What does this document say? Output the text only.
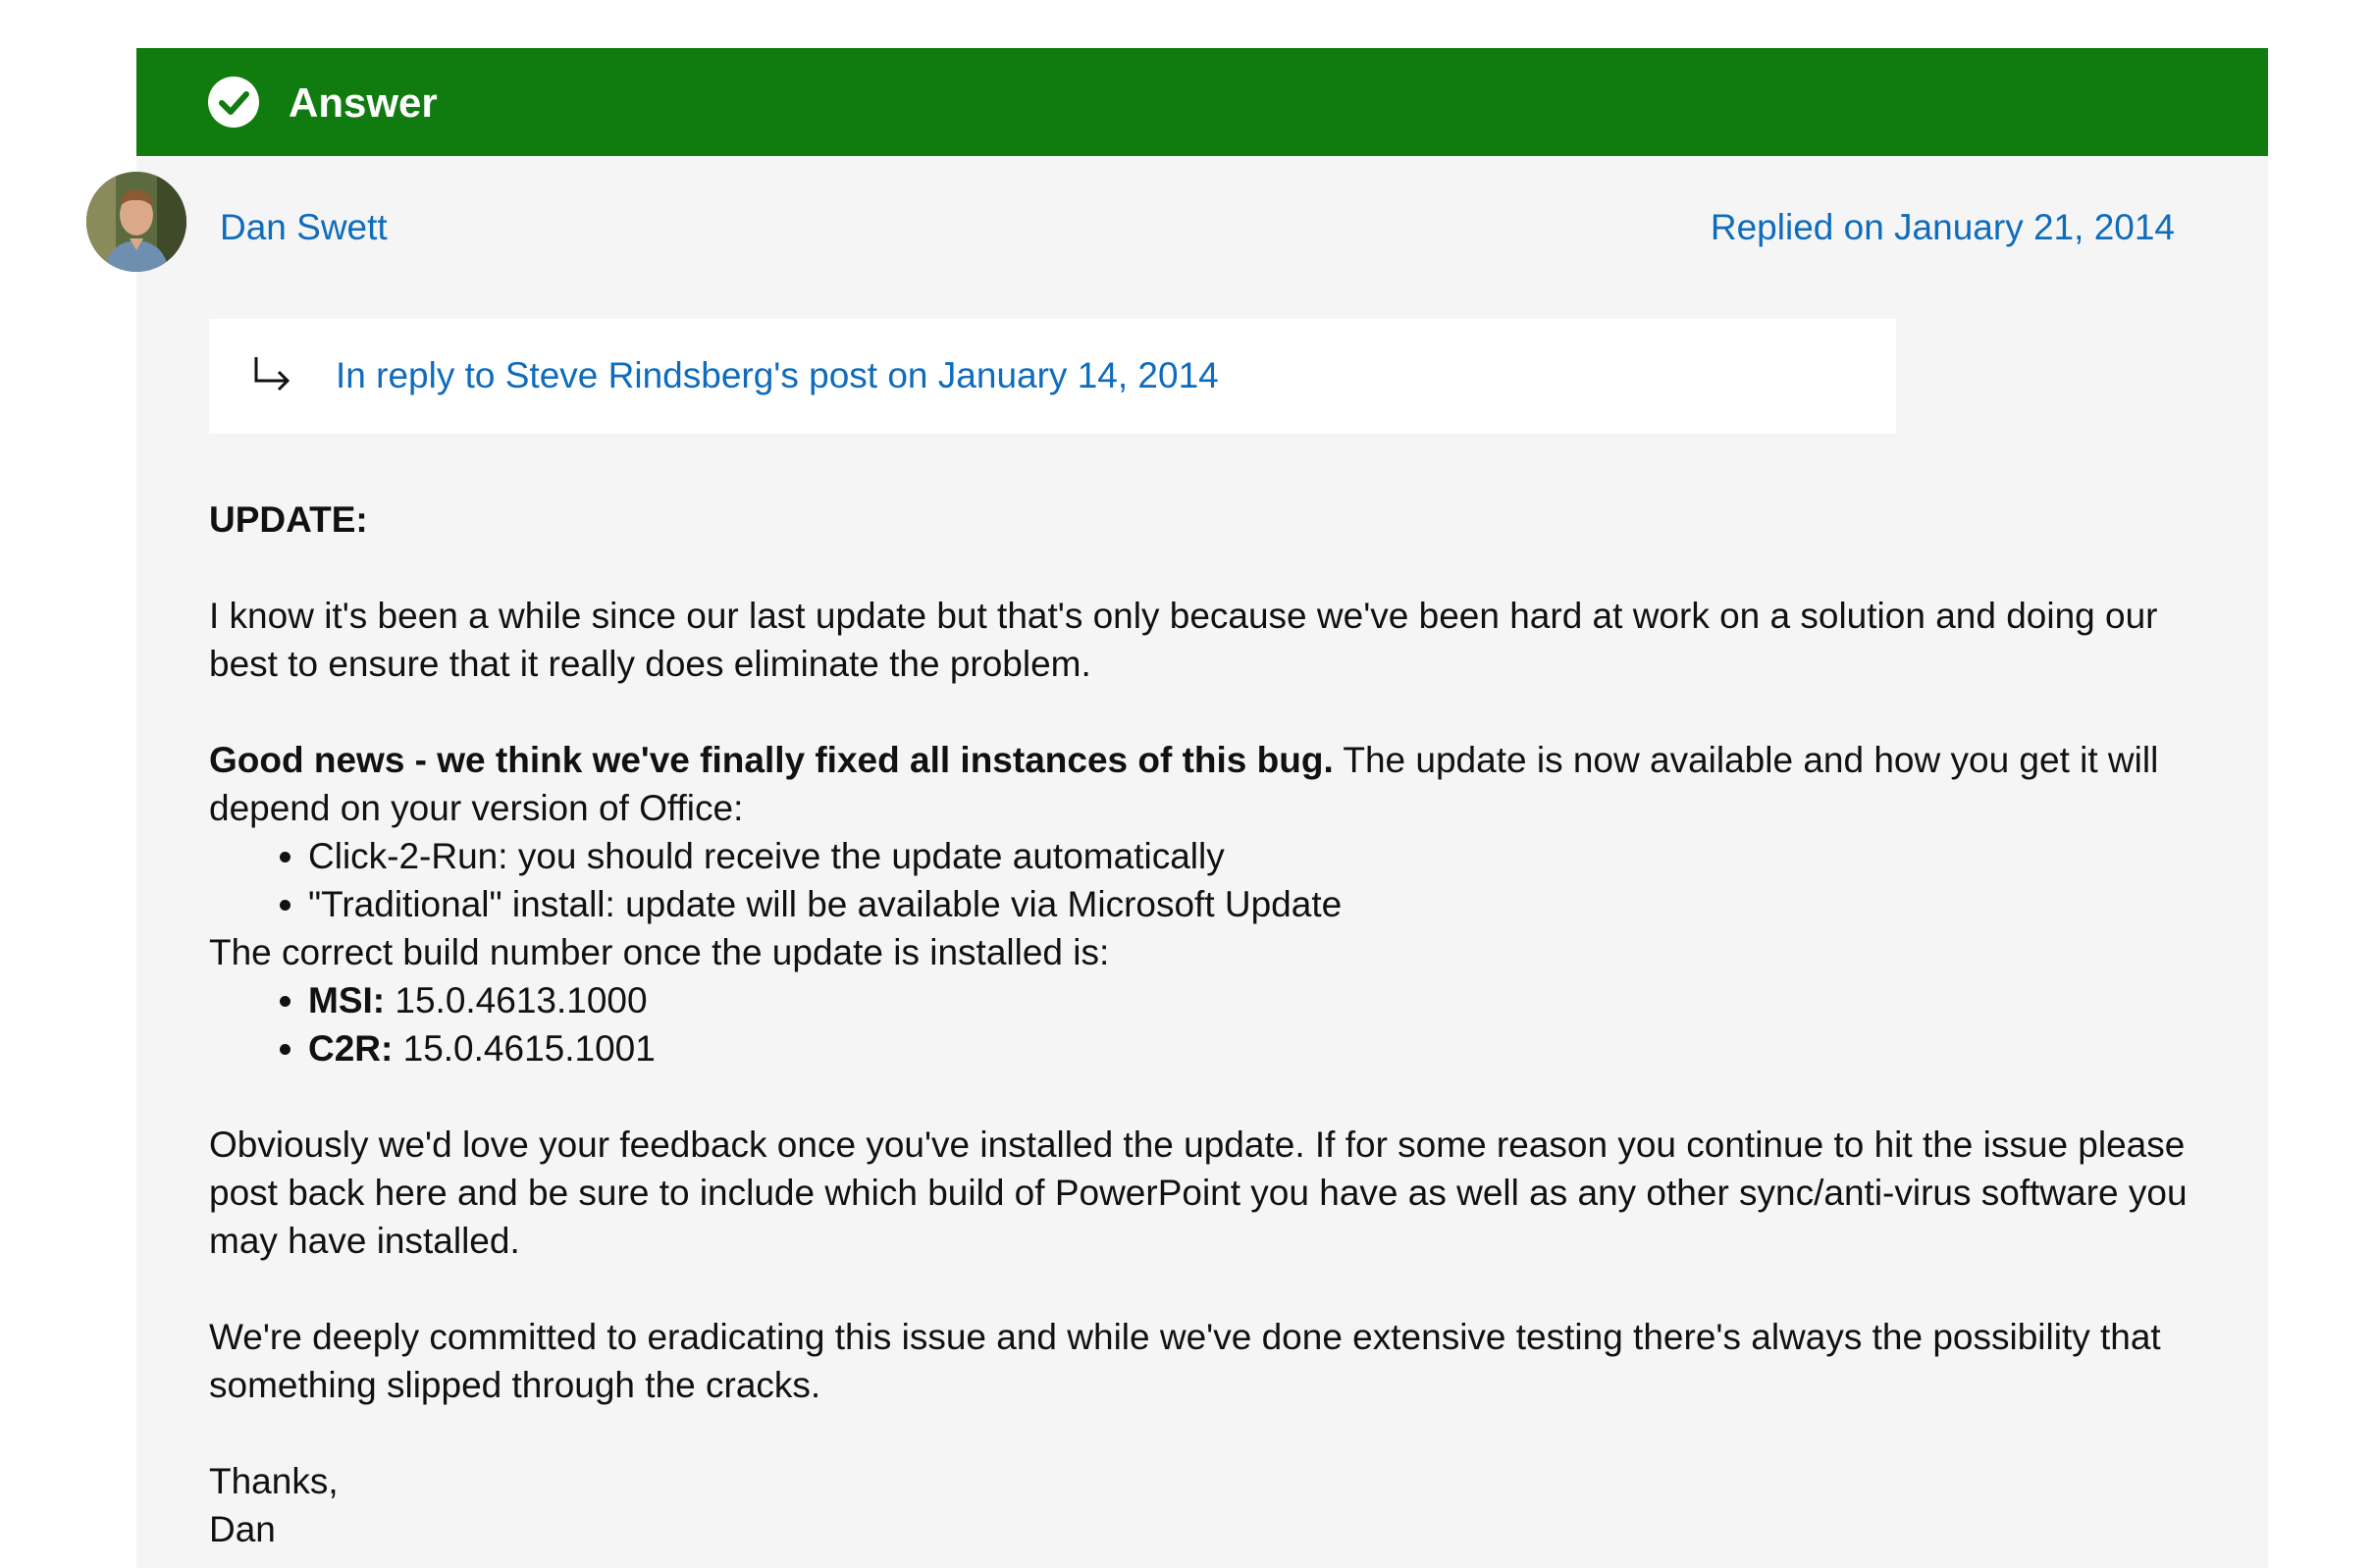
Answer
Dan Swett	Replied on January 21, 2014
In reply to Steve Rindsberg's post on January 14, 2014

UPDATE:

I know it's been a while since our last update but that's only because we've been hard at work on a solution and doing our best to ensure that it really does eliminate the problem.

Good news - we think we've finally fixed all instances of this bug. The update is now available and how you get it will depend on your version of Office:

• Click-2-Run: you should receive the update automatically
• "Traditional" install: update will be available via Microsoft Update

The correct build number once the update is installed is:

• MSI: 15.0.4613.1000
• C2R: 15.0.4615.1001

Obviously we'd love your feedback once you've installed the update. If for some reason you continue to hit the issue please post back here and be sure to include which build of PowerPoint you have as well as any other sync/anti-virus software you may have installed.

We're deeply committed to eradicating this issue and while we've done extensive testing there's always the possibility that something slipped through the cracks.

Thanks,

Dan
